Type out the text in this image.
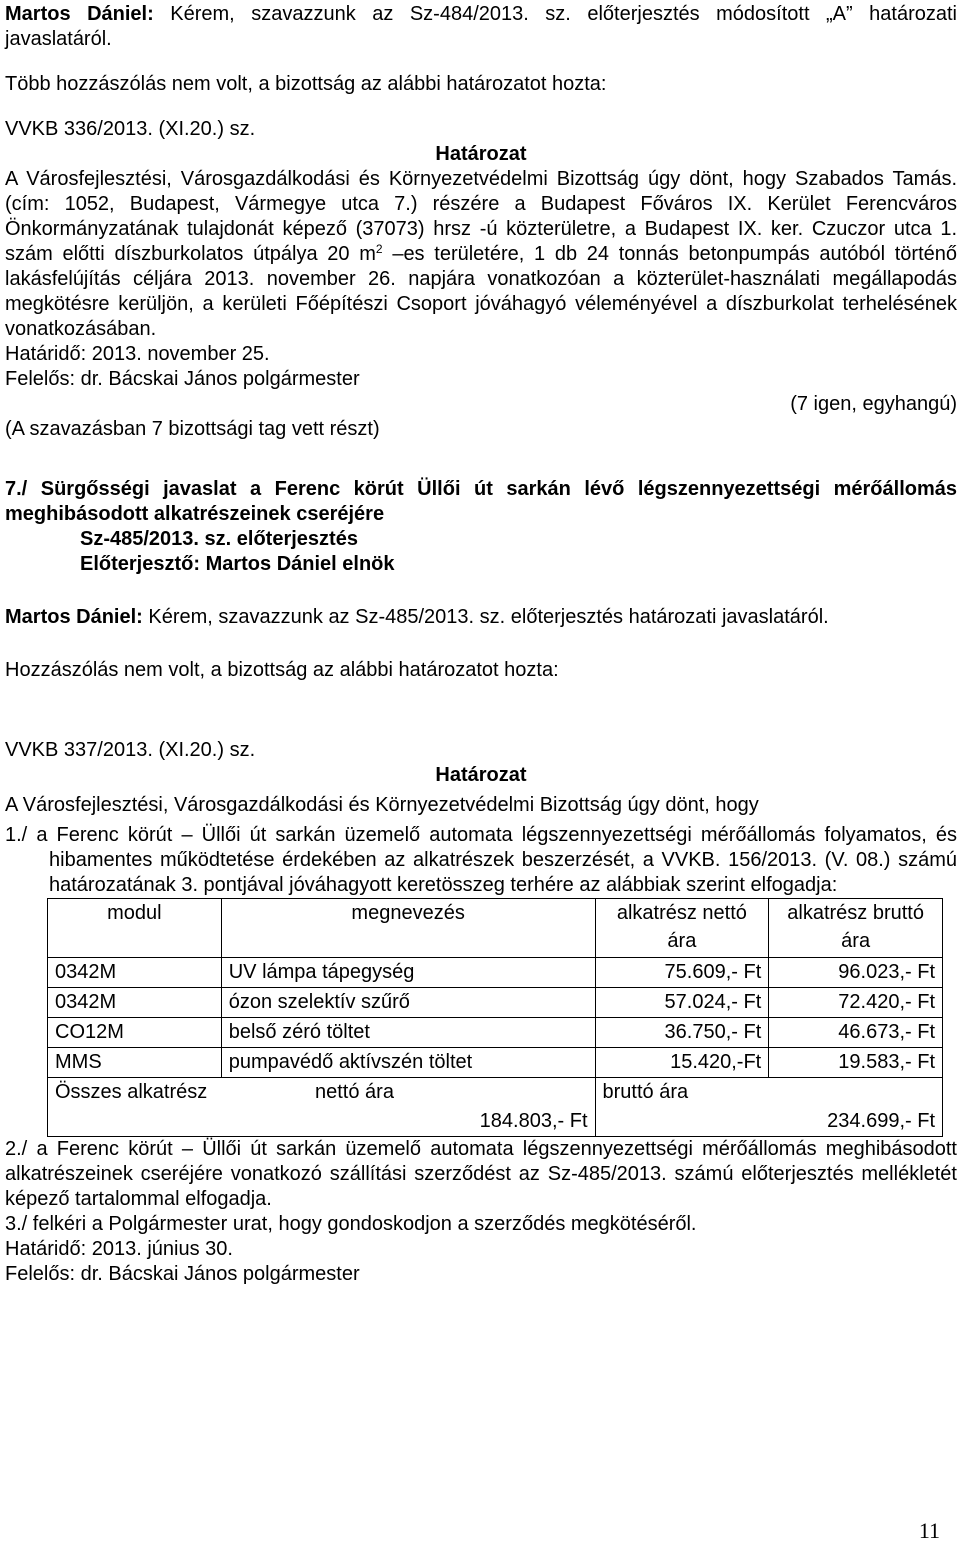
Martos Dániel: Kérem, szavazzunk az Sz-484/2013. sz. előterjesztés módosított „A” határozati javaslatáról.

Több hozzászólás nem volt, a bizottság az alábbi határozatot hozta:

VVKB 336/2013. (XI.20.) sz.

Határozat

A Városfejlesztési, Városgazdálkodási és Környezetvédelmi Bizottság úgy dönt, hogy Szabados Tamás. (cím: 1052, Budapest, Vármegye utca 7.) részére a Budapest Főváros IX. Kerület Ferencváros Önkormányzatának tulajdonát képező (37073) hrsz -ú közterületre, a Budapest IX. ker. Czuczor utca 1. szám előtti díszburkolatos útpálya 20 $m^2$ –es területére, 1 db 24 tonnás betonpumpás autóból történő lakásfelújítás céljára 2013. november 26. napjára vonatkozóan a közterület-használati megállapodás megkötésre kerüljön, a kerületi Főépítészi Csoport jóváhagyó véleményével a díszburkolat terhelésének vonatkozásában.

Határidő: 2013. november 25.

Felelős: dr. Bácskai János polgármester

(7 igen, egyhangú)

(A szavazásban 7 bizottsági tag vett részt)

7./ Sürgősségi javaslat a Ferenc körút Üllői út sarkán lévő légszennyezettségi mérőállomás meghibásodott alkatrészeinek cseréjére

Sz-485/2013. sz. előterjesztés

Előterjesztő: Martos Dániel elnök

Martos Dániel: Kérem, szavazzunk az Sz-485/2013. sz. előterjesztés határozati javaslatáról.

Hozzászólás nem volt, a bizottság az alábbi határozatot hozta:

VVKB 337/2013. (XI.20.) sz.

Határozat

A Városfejlesztési, Városgazdálkodási és Környezetvédelmi Bizottság úgy dönt, hogy

1./ a Ferenc körút – Üllői út sarkán üzemelő automata légszennyezettségi mérőállomás folyamatos, és hibamentes működtetése érdekében az alkatrészek beszerzését, a VVKB. 156/2013. (V. 08.) számú határozatának 3. pontjával jóváhagyott keretösszeg terhére az alábbiak szerint elfogadja:

modul	megnevezés	alkatrész nettó ára	alkatrész bruttó ára
0342M	UV lámpa tápegység	75.609,- Ft	96.023,- Ft
0342M	ózon szelektív szűrő	57.024,- Ft	72.420,- Ft
CO12M	belső zéró töltet	36.750,- Ft	46.673,- Ft
MMS	pumpavédő aktívszén töltet	15.420,-Ft	19.583,- Ft

Összes alkatrész nettó ára		bruttó ára	
184.803,- Ft		234.699,- Ft	

2./ a Ferenc körút – Üllői út sarkán üzemelő automata légszennyezettségi mérőállomás meghibásodott alkatrészeinek cseréjére vonatkozó szállítási szerződést az Sz-485/2013. számú előterjesztés mellékletét képező tartalommal elfogadja.

3./ felkéri a Polgármester urat, hogy gondoskodjon a szerződés megkötéséről.

Határidő: 2013. június 30.

Felelős: dr. Bácskai János polgármester

11
